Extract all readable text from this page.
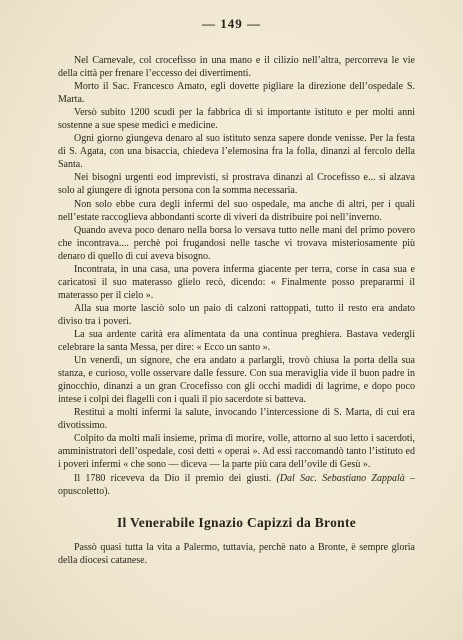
— 149 —

Nel Carnevale, col crocefisso in una mano e il cilizio nell’altra, percorreva le vie della città per frenare l’eccesso dei divertimenti.

Morto il Sac. Francesco Amato, egli dovette pigliare la direzione dell’ospedale S. Marta.

Versò subito 1200 scudi per la fabbrica di sì importante istituto e per molti anni sostenne a sue spese medici e medicine.

Ogni giorno giungeva denaro al suo istituto senza sapere donde venisse. Per la festa di S. Agata, con una bisaccia, chiedeva l’elemosina fra la folla, dinanzi al fercolo della Santa.

Nei bisogni urgenti eod imprevisti, si prostrava dinanzi al Crocefisso e... si alzava solo al giungere di ignota persona con la somma necessaria.

Non solo ebbe cura degli infermi del suo ospedale, ma anche di altri, per i quali nell’estate raccoglieva abbondanti scorte di viveri da distribuire poi nell’inverno.

Quando aveva poco denaro nella borsa lo versava tutto nelle mani del primo povero che incontrava.... perchè poi frugandosi nelle tasche vi trovava misteriosamente più denaro di quello di cui aveva bisogno.

Incontrata, in una casa, una povera inferma giacente per terra, corse in casa sua e caricatosi il suo materasso glielo recò, dicendo: « Finalmente posso prepararmi il materasso per il cielo ».

Alla sua morte lasciò solo un paio di calzoni rattoppati, tutto il resto era andato diviso tra i poveri.

La sua ardente carità era alimentata da una continua preghiera. Bastava vedergli celebrare la santa Messa, per dire: « Ecco un santo ».

Un venerdì, un signore, che era andato a parlargli, trovò chiusa la porta della sua stanza, e curioso, volle osservare dalle fessure. Con sua meraviglia vide il buon padre in ginocchio, dinanzi a un gran Crocefisso con gli occhi madidi di lagrime, e dopo poco intese i colpi dei flagelli con i quali il pio sacerdote si batteva.

Restituì a molti infermi la salute, invocando l’intercessione di S. Marta, di cui era divotissimo.

Colpito da molti mali insieme, prima di morire, volle, attorno al suo letto i sacerdoti, amministratori dell’ospedale, così detti « operai ». Ad essi raccomandò tanto l’istituto ed i poveri infermi « che sono — diceva — la parte più cara dell’ovile di Gesù ».

Il 1780 riceveva da Dio il premio dei giusti. (Dal Sac. Sebastiano Zappalà – opuscoletto).

Il Venerabile Ignazio Capizzi da Bronte

Passò quasi tutta la vita a Palermo, tuttavia, perchè nato a Bronte, è sempre gloria della diocesi catanese.
